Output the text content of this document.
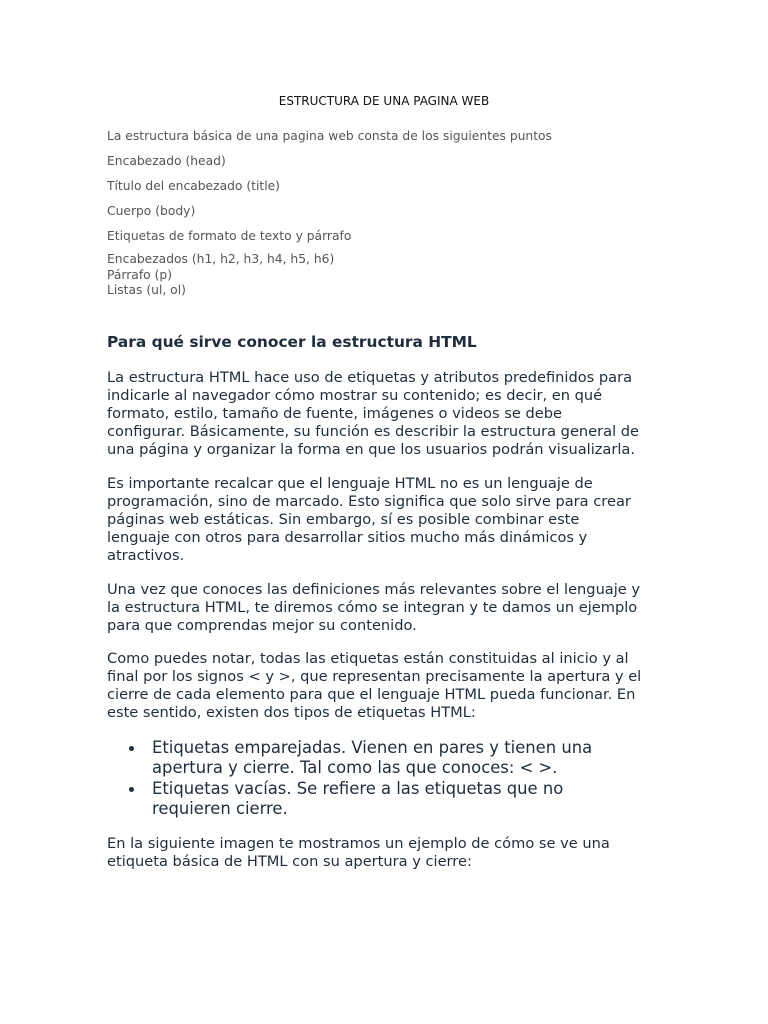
ESTRUCTURA DE UNA PAGINA WEB
La estructura básica de una pagina web consta de los siguientes puntos
Encabezado (head)
Título del encabezado (title)
Cuerpo (body)
Etiquetas de formato de texto y párrafo
Encabezados (h1, h2, h3, h4, h5, h6)
Párrafo (p)
Listas (ul, ol)
Para qué sirve conocer la estructura HTML
La estructura HTML hace uso de etiquetas y atributos predefinidos para
indicarle al navegador cómo mostrar su contenido; es decir, en qué
formato, estilo, tamaño de fuente, imágenes o videos se debe
configurar. Básicamente, su función es describir la estructura general de
una página y organizar la forma en que los usuarios podrán visualizarla.
Es importante recalcar que el lenguaje HTML no es un lenguaje de
programación, sino de marcado. Esto significa que solo sirve para crear
páginas web estáticas. Sin embargo, sí es posible combinar este
lenguaje con otros para desarrollar sitios mucho más dinámicos y
atractivos.
Una vez que conoces las definiciones más relevantes sobre el lenguaje y
la estructura HTML, te diremos cómo se integran y te damos un ejemplo
para que comprendas mejor su contenido.
Como puedes notar, todas las etiquetas están constituidas al inicio y al
final por los signos < y >, que representan precisamente la apertura y el
cierre de cada elemento para que el lenguaje HTML pueda funcionar. En
este sentido, existen dos tipos de etiquetas HTML:
Etiquetas emparejadas. Vienen en pares y tienen una
apertura y cierre. Tal como las que conoces: < >.
Etiquetas vacías. Se refiere a las etiquetas que no
requieren cierre.
En la siguiente imagen te mostramos un ejemplo de cómo se ve una
etiqueta básica de HTML con su apertura y cierre:
